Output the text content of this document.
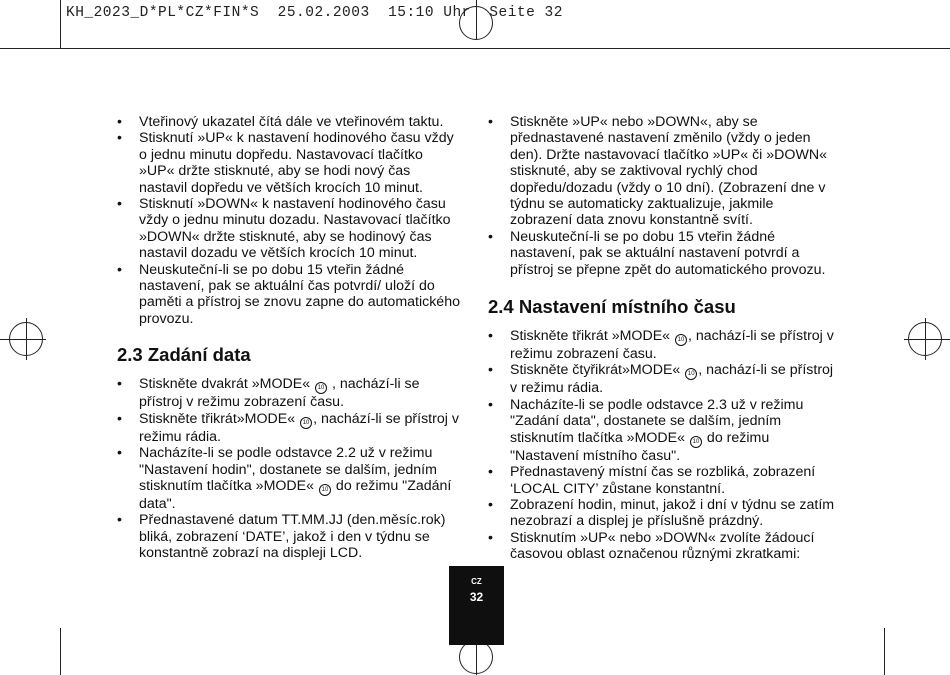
KH_2023_D*PL*CZ*FIN*S 25.02.2003 15:10 Uhr Seite 32
• Vteřinový ukazatel čítá dále ve vteřinovém taktu.
• Stisknutí »UP« k nastavení hodinového času vždy o jednu minutu dopředu. Nastavovací tlačítko »UP« držte stisknuté, aby se hodi nový čas nastavil dopředu ve větších krocích 10 minut.
• Stisknutí »DOWN« k nastavení hodinového času vždy o jednu minutu dozadu. Nastavovací tlačítko »DOWN« držte stisknuté, aby se hodinový čas nastavil dozadu ve větších krocích 10 minut.
• Neuskuteční-li se po dobu 15 vteřin žádné nastavení, pak se aktuální čas potvrdí/ uloží do paměti a přístroj se znovu zapne do automatického provozu.
2.3 Zadání data
• Stiskněte dvakrát »MODE« 10 , nachází-li se přístroj v režimu zobrazení času.
• Stiskněte třikrát»MODE« 10 , nachází-li se přístroj v režimu rádia.
• Nacházíte-li se podle odstavce 2.2 už v režimu "Nastavení hodin", dostanete se dalším, jedním stisknutím tlačítka »MODE« 10 do režimu "Zadání data".
• Přednastavené datum TT.MM.JJ (den.měsíc.rok) bliká, zobrazení ‘DATE’, jakož i den v týdnu se konstantně zobrazí na displeji LCD.
• Stiskněte »UP« nebo »DOWN«, aby se přednastavené nastavení změnilo (vždy o jeden den). Držte nastavovací tlačítko »UP« či »DOWN« stisknuté, aby se zaktivoval rychlý chod dopředu/dozadu (vždy o 10 dní). (Zobrazení dne v týdnu se automaticky zaktualizuje, jakmile zobrazení data znovu konstantně svítí.
• Neuskuteční-li se po dobu 15 vteřin žádné nastavení, pak se aktuální nastavení potvrdí a přístroj se přepne zpět do automatického provozu.
2.4 Nastavení místního času
• Stiskněte třikrát »MODE« 10 , nachází-li se přístroj v režimu zobrazení času.
• Stiskněte čtyřikrát»MODE« 10 , nachází-li se přístroj v režimu rádia.
• Nacházíte-li se podle odstavce 2.3 už v režimu "Zadání data", dostanete se dalším, jedním stisknutím tlačítka »MODE« 10 do režimu "Nastavení místního času".
• Přednastavený místní čas se rozbliká, zobrazení ‘LOCAL CITY’ zůstane konstantní.
• Zobrazení hodin, minut, jakož i dní v týdnu se zatím nezobrazí a displej je příslušně prázdný.
• Stisknutím »UP« nebo »DOWN« zvolíte žádoucí časovou oblast označenou různými zkratkami:
CZ
32
